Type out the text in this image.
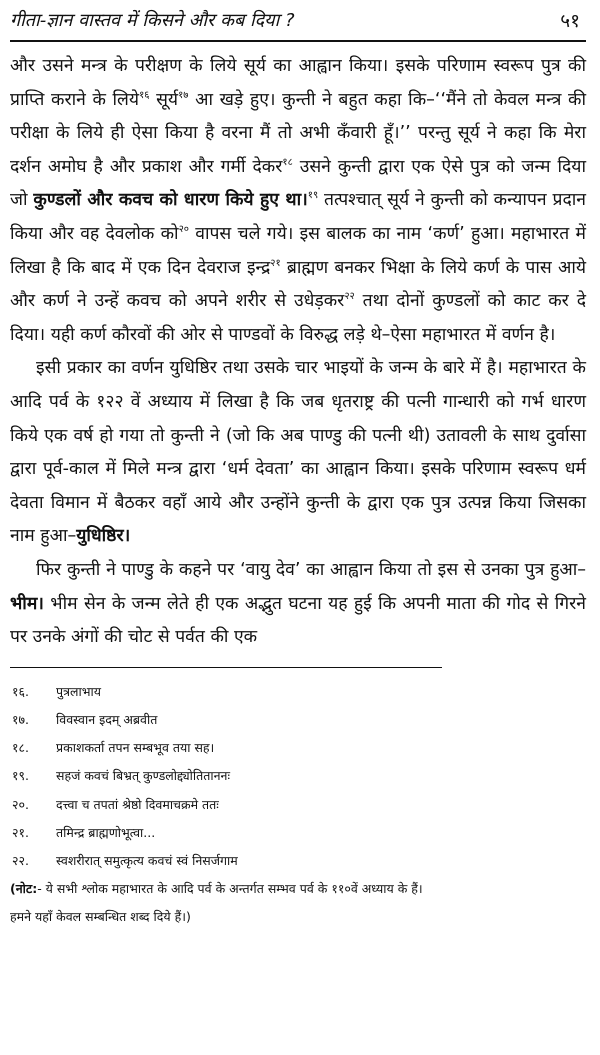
गीता-ज्ञान वास्तव में किसने और कब दिया ?	५१

और उसने मन्त्र के परीक्षण के लिये सूर्य का आह्वान किया। इसके परिणाम स्वरूप पुत्र की प्राप्ति कराने के लिये$^{१६}$ सूर्य$^{१७}$ आ खड़े हुए। कुन्ती ने बहुत कहा कि–‘‘मैंने तो केवल मन्त्र की परीक्षा के लिये ही ऐसा किया है वरना मैं तो अभी कँवारी हूँ।’’ परन्तु सूर्य ने कहा कि मेरा दर्शन अमोघ है और प्रकाश और गर्मी देकर$^{१८}$ उसने कुन्ती द्वारा एक ऐसे पुत्र को जन्म दिया जो कुण्डलों और कवच को धारण किये हुए था।$^{१९}$ तत्पश्चात् सूर्य ने कुन्ती को कन्यापन प्रदान किया और वह देवलोक को$^{२०}$ वापस चले गये। इस बालक का नाम ‘कर्ण’ हुआ। महाभारत में लिखा है कि बाद में एक दिन देवराज इन्द्र$^{२१}$ ब्राह्मण बनकर भिक्षा के लिये कर्ण के पास आये और कर्ण ने उन्हें कवच को अपने शरीर से उधेड़कर$^{२२}$ तथा दोनों कुण्डलों को काट कर दे दिया। यही कर्ण कौरवों की ओर से पाण्डवों के विरुद्ध लड़े थे–ऐसा महाभारत में वर्णन है।

इसी प्रकार का वर्णन युधिष्ठिर तथा उसके चार भाइयों के जन्म के बारे में है। महाभारत के आदि पर्व के १२२ वें अध्याय में लिखा है कि जब धृतराष्ट्र की पत्नी गान्धारी को गर्भ धारण किये एक वर्ष हो गया तो कुन्ती ने (जो कि अब पाण्डु की पत्नी थी) उतावली के साथ दुर्वासा द्वारा पूर्व-काल में मिले मन्त्र द्वारा ‘धर्म देवता’ का आह्वान किया। इसके परिणाम स्वरूप धर्म देवता विमान में बैठकर वहाँ आये और उन्होंने कुन्ती के द्वारा एक पुत्र उत्पन्न किया जिसका नाम हुआ–युधिष्ठिर।

फिर कुन्ती ने पाण्डु के कहने पर ‘वायु देव’ का आह्वान किया तो इस से उनका पुत्र हुआ–भीम। भीम सेन के जन्म लेते ही एक अद्भुत घटना यह हुई कि अपनी माता की गोद से गिरने पर उनके अंगों की चोट से पर्वत की एक

१६. पुत्रलाभाय
१७. विवस्वान इदम् अब्रवीत
१८. प्रकाशकर्ता तपन सम्बभूव तया सह।
१९. सहजं कवचं बिभ्रत् कुण्डलोद्द्योतिताननः
२०. दत्त्वा च तपतां श्रेष्ठो दिवमाचक्रमे ततः
२१. तमिन्द्र ब्राह्मणोभूत्वा...
२२. स्वशरीरात् समुत्कृत्य कवचं स्वं निसर्जगाम
(नोट:- ये सभी श्लोक महाभारत के आदि पर्व के अन्तर्गत सम्भव पर्व के ११०वें अध्याय के हैं।
हमने यहाँ केवल सम्बन्धित शब्द दिये हैं।)
